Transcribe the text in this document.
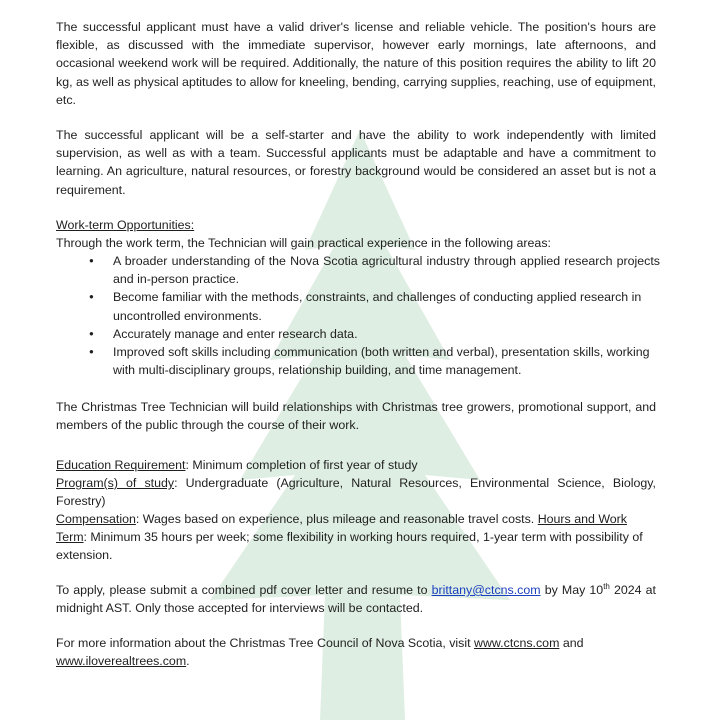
The successful applicant must have a valid driver's license and reliable vehicle. The position's hours are flexible, as discussed with the immediate supervisor, however early mornings, late afternoons, and occasional weekend work will be required. Additionally, the nature of this position requires the ability to lift 20 kg, as well as physical aptitudes to allow for kneeling, bending, carrying supplies, reaching, use of equipment, etc.

The successful applicant will be a self-starter and have the ability to work independently with limited supervision, as well as with a team. Successful applicants must be adaptable and have a commitment to learning. An agriculture, natural resources, or forestry background would be considered an asset but is not a requirement.

Work-term Opportunities:

Through the work term, the Technician will gain practical experience in the following areas:

● A broader understanding of the Nova Scotia agricultural industry through applied research projects and in-person practice.
● Become familiar with the methods, constraints, and challenges of conducting applied research in uncontrolled environments.
● Accurately manage and enter research data.
● Improved soft skills including communication (both written and verbal), presentation skills, working with multi-disciplinary groups, relationship building, and time management.

The Christmas Tree Technician will build relationships with Christmas tree growers, promotional support, and members of the public through the course of their work.

Education Requirement: Minimum completion of first year of study

Program(s) of study: Undergraduate (Agriculture, Natural Resources, Environmental Science, Biology, Forestry)

Compensation: Wages based on experience, plus mileage and reasonable travel costs. Hours and Work Term: Minimum 35 hours per week; some flexibility in working hours required, 1-year term with possibility of extension.

To apply, please submit a combined pdf cover letter and resume to brittany@ctcns.com by May 10th 2024 at midnight AST. Only those accepted for interviews will be contacted.

For more information about the Christmas Tree Council of Nova Scotia, visit www.ctcns.com and www.iloverealtrees.com.
